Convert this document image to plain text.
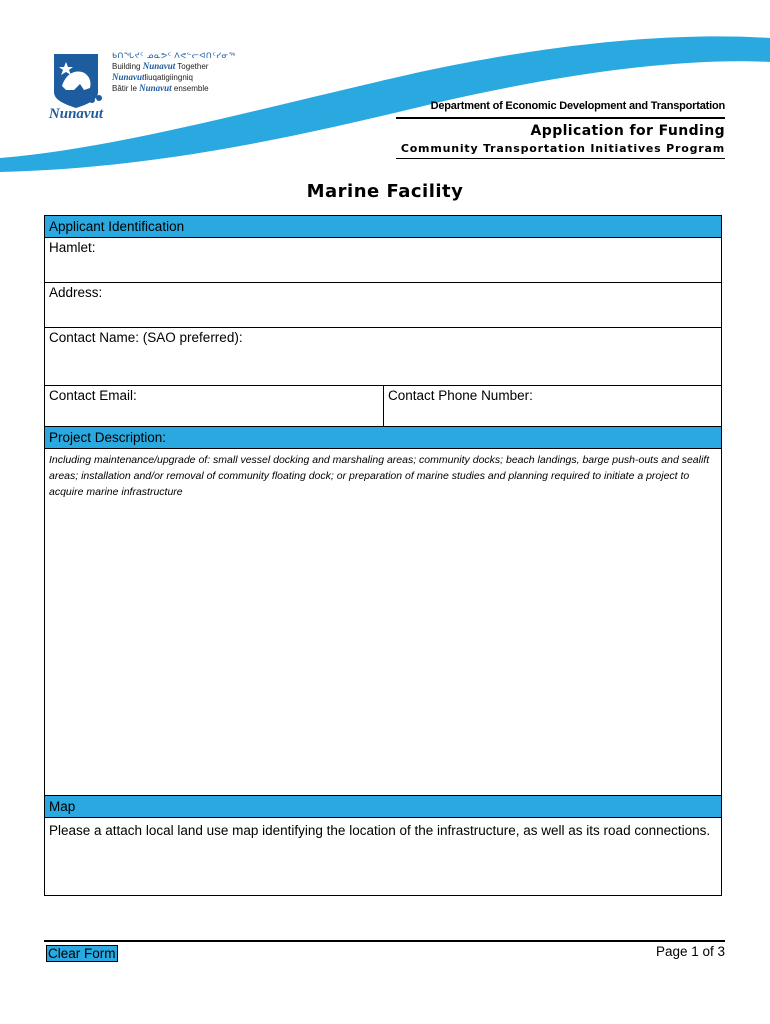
Nunavut
ᑲᑎᖓᔪᑦ ᓄᓇᕗᑦ ᐱᕙᓪᓕᐊᑎᑦᓯᓂᖅ
Building Nunavut Together
Nunavutliuqatigiingniq
Bâtir le Nunavut ensemble
Department of Economic Development and Transportation
Application for Funding
Community Transportation Initiatives Program
Marine Facility
Applicant Identification
Hamlet:
Address:
Contact Name: (SAO preferred):
Contact Email:	Contact Phone Number:
Project Description:
Including maintenance/upgrade of: small vessel docking and marshaling areas; community docks; beach landings, barge push-outs and sealift areas; installation and/or removal of community floating dock; or preparation of marine studies and planning required to initiate a project to acquire marine infrastructure
Map
Please a attach local land use map identifying the location of the infrastructure, as well as its road connections.
Clear Form	Page 1 of 3
